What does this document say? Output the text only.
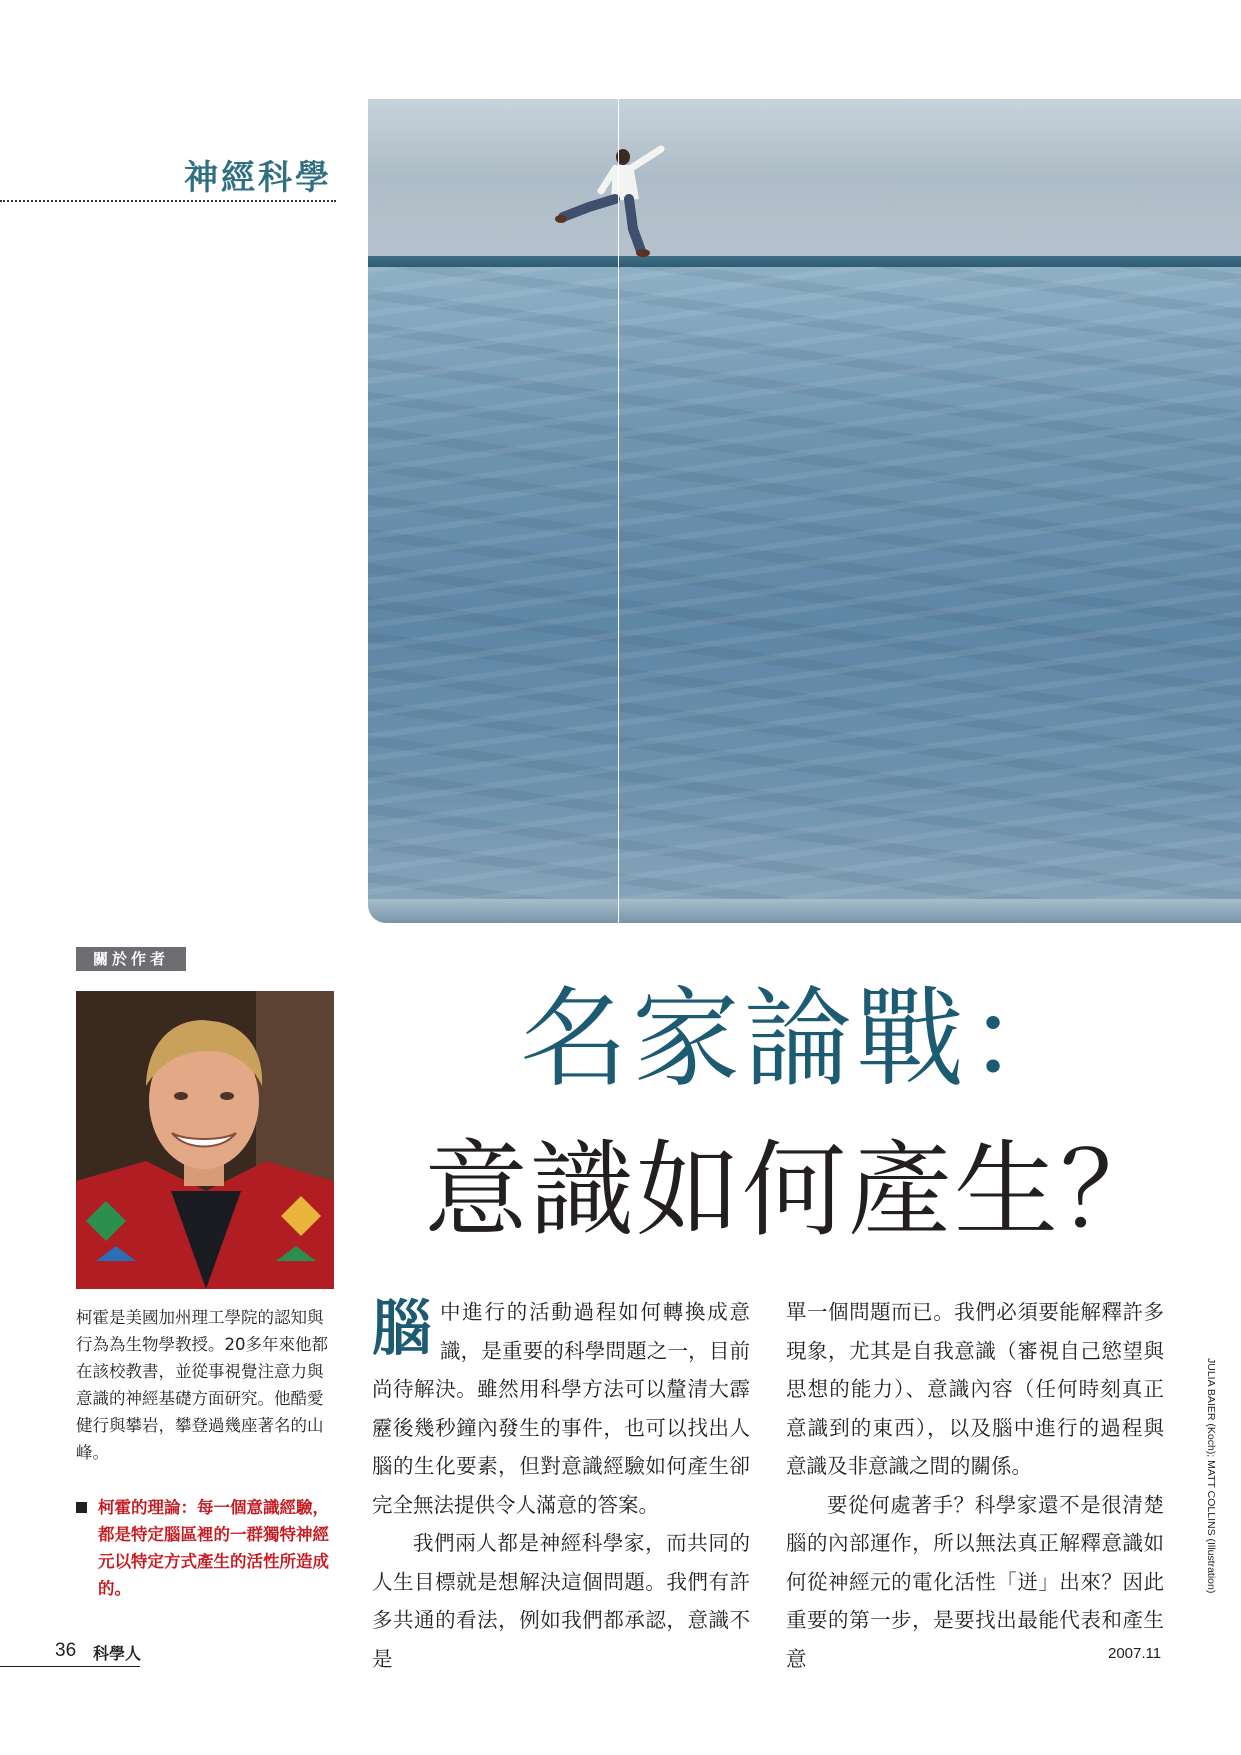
神經科學
關於作者

柯霍是美國加州理工學院的認知與行為為生物學教授。20多年來他都在該校教書，並從事視覺注意力與意識的神經基礎方面研究。他酷愛健行與攀岩，攀登過幾座著名的山峰。

柯霍的理論：每一個意識經驗，都是特定腦區裡的一群獨特神經元以特定方式產生的活性所造成的。
名家論戰：
意識如何產生？

腦中進行的活動過程如何轉換成意識，是重要的科學問題之一，目前尚待解決。雖然用科學方法可以釐清大霹靂後幾秒鐘內發生的事件，也可以找出人腦的生化要素，但對意識經驗如何產生卻完全無法提供令人滿意的答案。

我們兩人都是神經科學家，而共同的人生目標就是想解決這個問題。我們有許多共通的看法，例如我們都承認，意識不是

單一個問題而已。我們必須要能解釋許多現象，尤其是自我意識（審視自己慾望與思想的能力）、意識內容（任何時刻真正意識到的東西），以及腦中進行的過程與意識及非意識之間的關係。

要從何處著手？科學家還不是很清楚腦的內部運作，所以無法真正解釋意識如何從神經元的電化活性「迸」出來？因此重要的第一步，是要找出最能代表和產生意

JULIA BAIER (Koch); MATT COLLINS (Illustration)
36 科學人	2007.11
